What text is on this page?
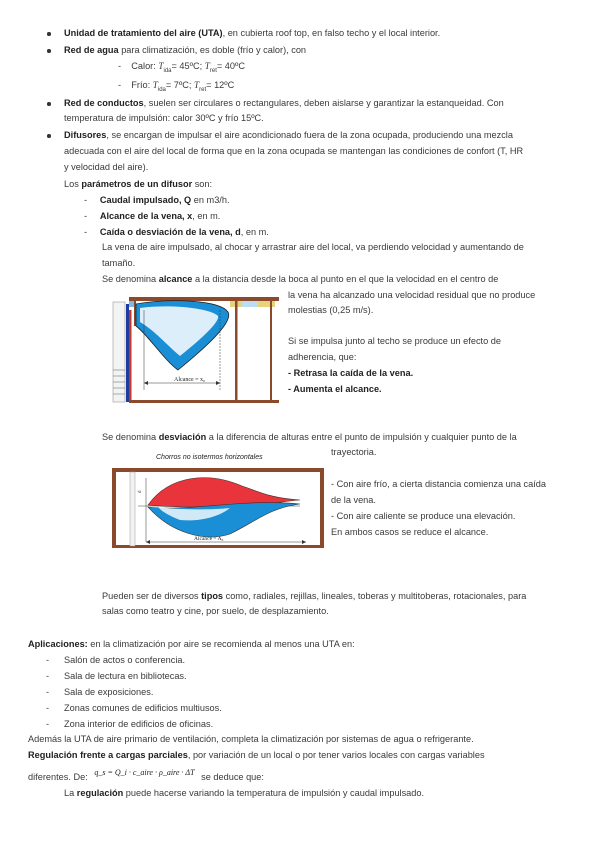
Unidad de tratamiento del aire (UTA), en cubierta roof top, en falso techo y el local interior.
Red de agua para climatización, es doble (frío y calor), con
-    Calor: $T_{ida}=$ 45ºC; $T_{ret}=$ 40ºC
-    Frío: $T_{ida}=$ 7ºC; $T_{ret}=$ 12ºC
Red de conductos, suelen ser circulares o rectangulares, deben aislarse y garantizar la estanqueidad. Con
temperatura de impulsión: calor 30ºC y frío 15ºC.
Difusores, se encargan de impulsar el aire acondicionado fuera de la zona ocupada, produciendo una mezcla
adecuada con el aire del local de forma que en la zona ocupada se mantengan las condiciones de confort (T, HR
y velocidad del aire).
Los parámetros de un difusor son:
-     Caudal impulsado, Q en m3/h.
-     Alcance de la vena, x, en m.
-     Caída o desviación de la vena, d, en m.
La vena de aire impulsado, al chocar y arrastrar aire del local, va perdiendo velocidad y aumentando de
tamaño.
Se denomina alcance a la distancia desde la boca al punto en el que la velocidad en el centro de
Alcance = x₀
la vena ha alcanzado una velocidad residual que no produce
molestias (0,25 m/s).
Si se impulsa junto al techo se produce un efecto de
adherencia, que:
- Retrasa la caída de la vena.
- Aumenta el alcance.
Se denomina desviación a la diferencia de alturas entre el punto de impulsión y cualquier punto de la
trayectoria.
Chorros no isotermos horizontales
d
Alcance = A₀
- Con aire frío, a cierta distancia comienza una caída
de la vena.
- Con aire caliente se produce una elevación.
En ambos casos se reduce el alcance.
Pueden ser de diversos tipos como, radiales, rejillas, lineales, toberas y multitoberas, rotacionales, para
salas como teatro y cine, por suelo, de desplazamiento.
Aplicaciones: en la climatización por aire se recomienda al menos una UTA en:
- Salón de actos o conferencia.
- Sala de lectura en bibliotecas.
- Sala de exposiciones.
- Zonas comunes de edificios multiusos.
- Zona interior de edificios de oficinas.
Además la UTA de aire primario de ventilación, completa la climatización por sistemas de agua o refrigerante.
Regulación frente a cargas parciales, por variación de un local o por tener varios locales con cargas variables
diferentes. De: q_s = Q_i · c_aire · ρ_aire · ΔT se deduce que:
La regulación puede hacerse variando la temperatura de impulsión y caudal impulsado.
